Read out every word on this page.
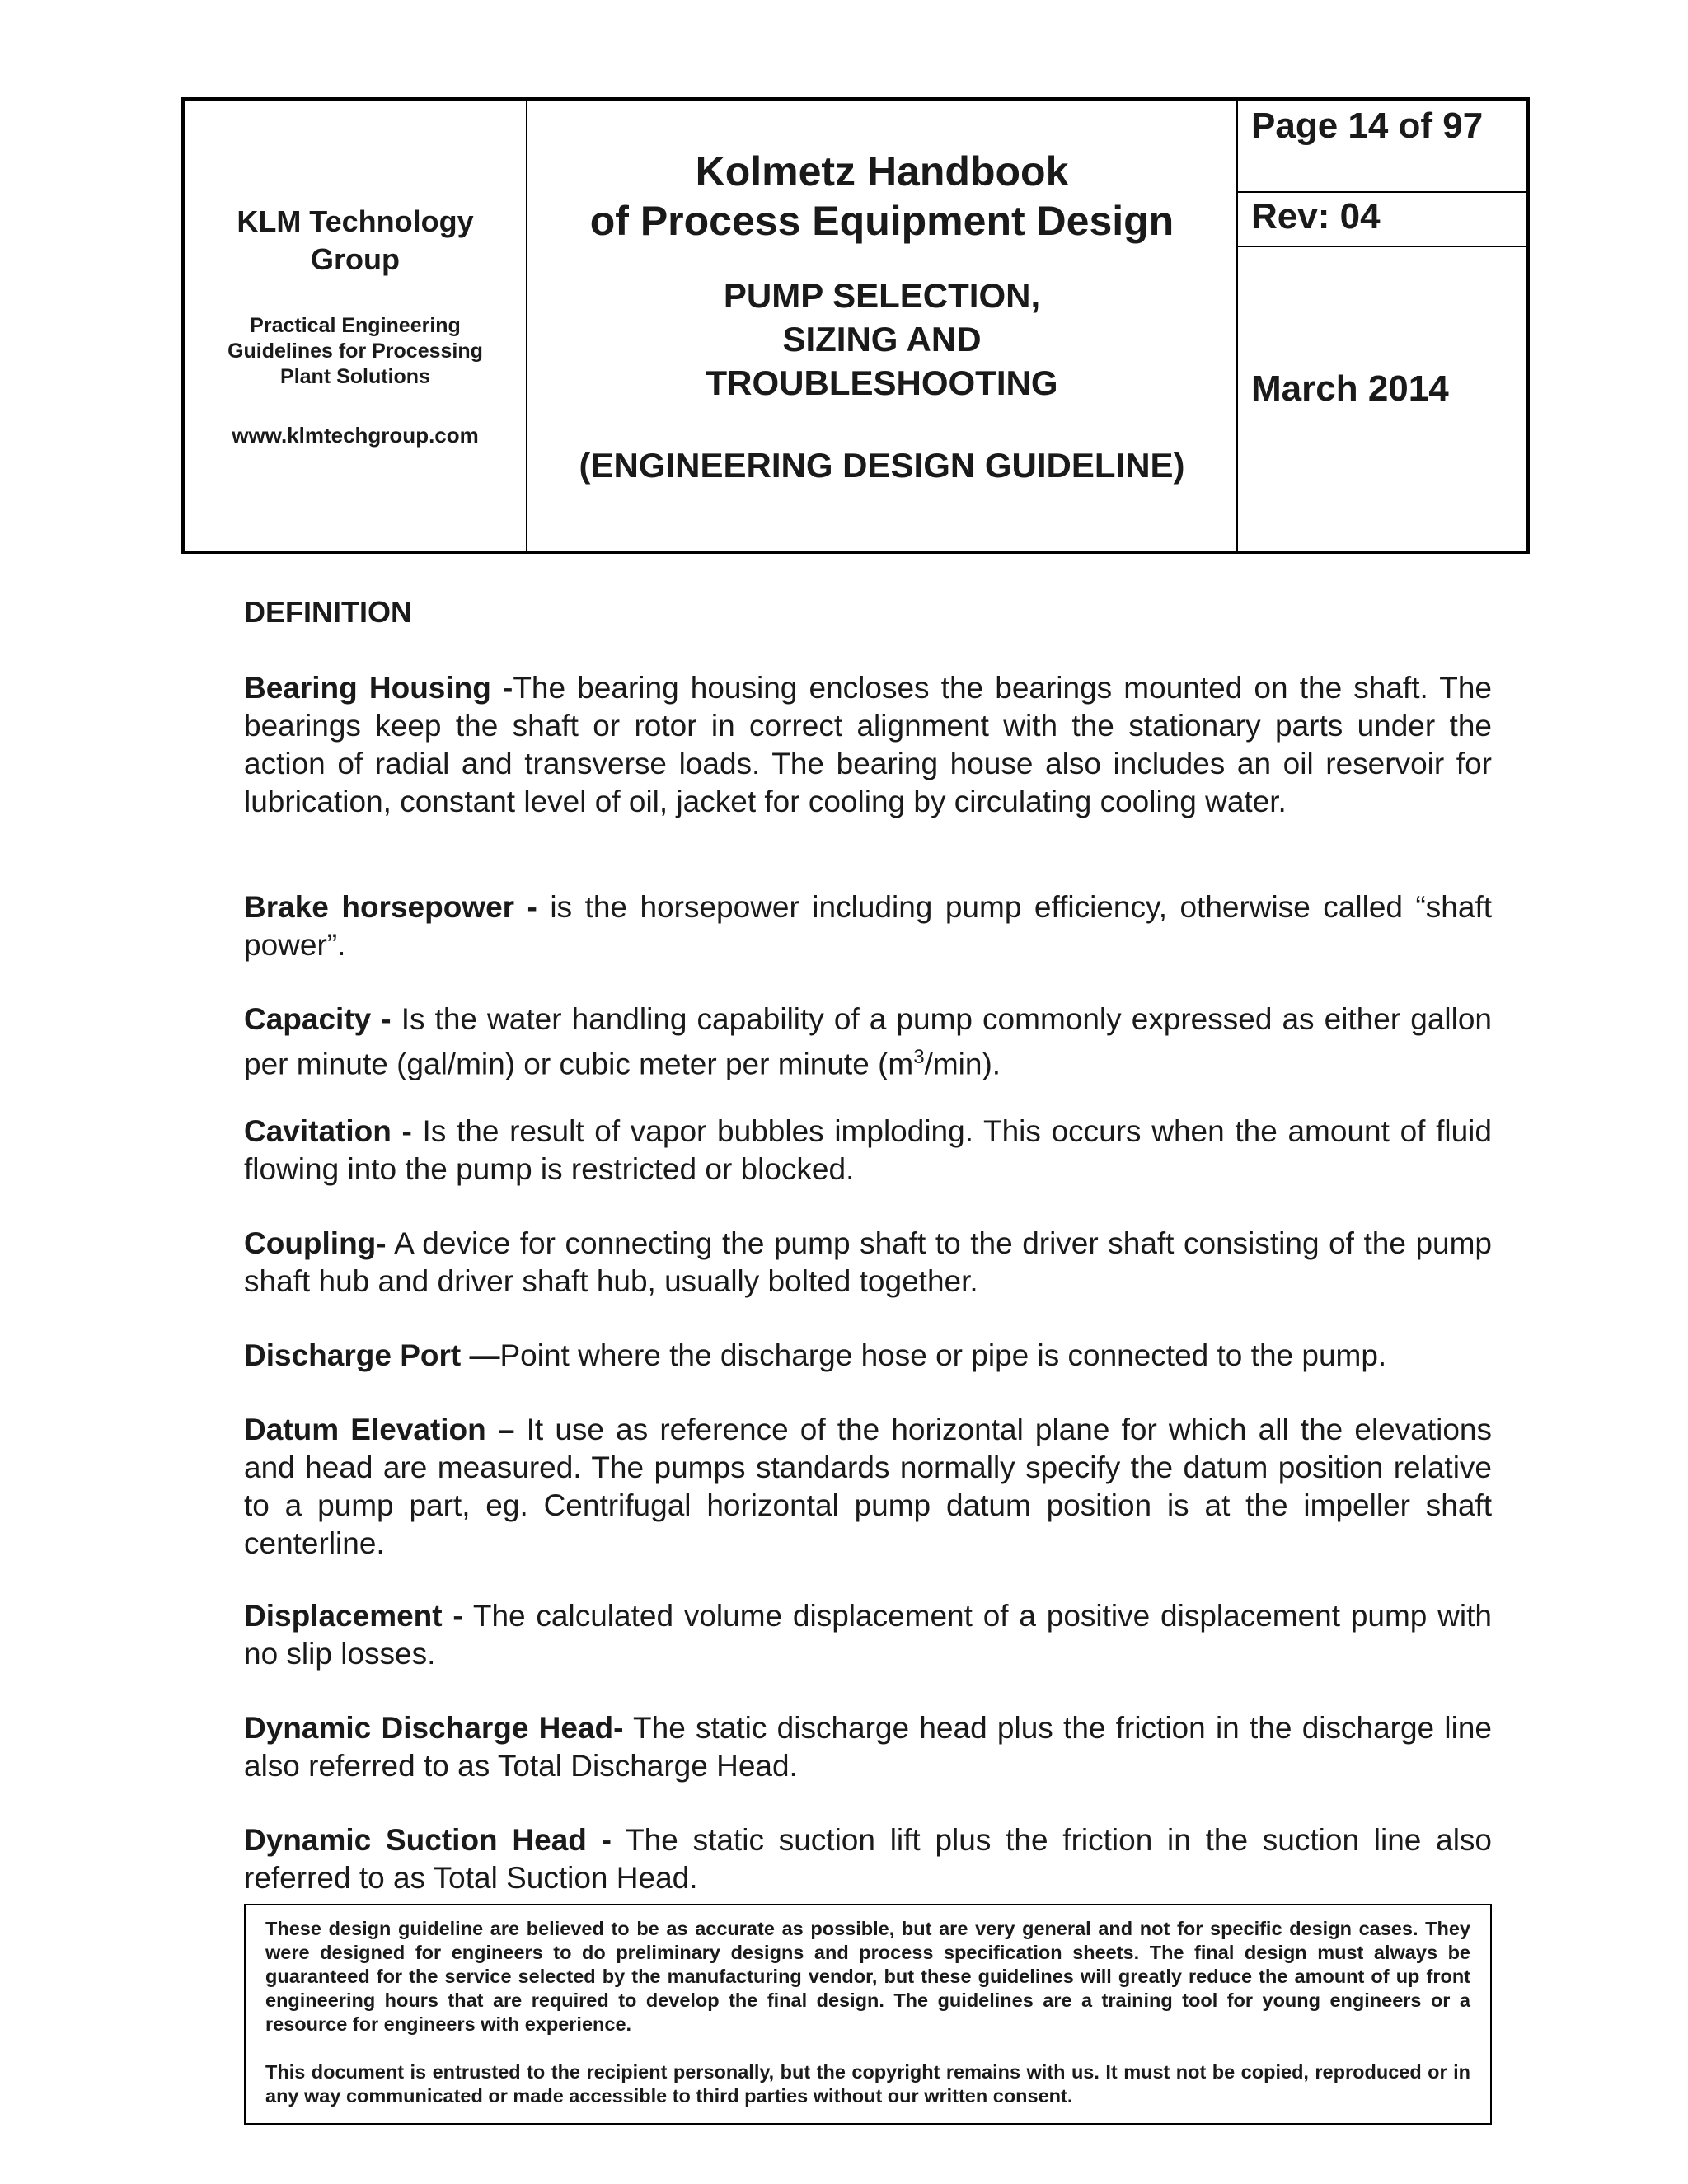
KLM Technology Group
Practical Engineering Guidelines for Processing Plant Solutions
www.klmtechgroup.com
Kolmetz Handbook
of Process Equipment Design
PUMP SELECTION,
SIZING AND
TROUBLESHOOTING
(ENGINEERING DESIGN GUIDELINE)
Page 14 of 97
Rev: 04
March 2014
DEFINITION

Bearing Housing -The bearing housing encloses the bearings mounted on the shaft. The bearings keep the shaft or rotor in correct alignment with the stationary parts under the action of radial and transverse loads. The bearing house also includes an oil reservoir for lubrication, constant level of oil, jacket for cooling by circulating cooling water.

Brake horsepower - is the horsepower including pump efficiency, otherwise called “shaft power”.

Capacity - Is the water handling capability of a pump commonly expressed as either gallon per minute (gal/min) or cubic meter per minute $(m^3/\min)$.

Cavitation - Is the result of vapor bubbles imploding. This occurs when the amount of fluid flowing into the pump is restricted or blocked.

Coupling- A device for connecting the pump shaft to the driver shaft consisting of the pump shaft hub and driver shaft hub, usually bolted together.

Discharge Port —Point where the discharge hose or pipe is connected to the pump.

Datum Elevation – It use as reference of the horizontal plane for which all the elevations and head are measured. The pumps standards normally specify the datum position relative to a pump part, eg. Centrifugal horizontal pump datum position is at the impeller shaft centerline.

Displacement - The calculated volume displacement of a positive displacement pump with no slip losses.

Dynamic Discharge Head- The static discharge head plus the friction in the discharge line also referred to as Total Discharge Head.

Dynamic Suction Head - The static suction lift plus the friction in the suction line also referred to as Total Suction Head.

These design guideline are believed to be as accurate as possible, but are very general and not for specific design cases. They were designed for engineers to do preliminary designs and process specification sheets. The final design must always be guaranteed for the service selected by the manufacturing vendor, but these guidelines will greatly reduce the amount of up front engineering hours that are required to develop the final design. The guidelines are a training tool for young engineers or a resource for engineers with experience.

This document is entrusted to the recipient personally, but the copyright remains with us. It must not be copied, reproduced or in any way communicated or made accessible to third parties without our written consent.
